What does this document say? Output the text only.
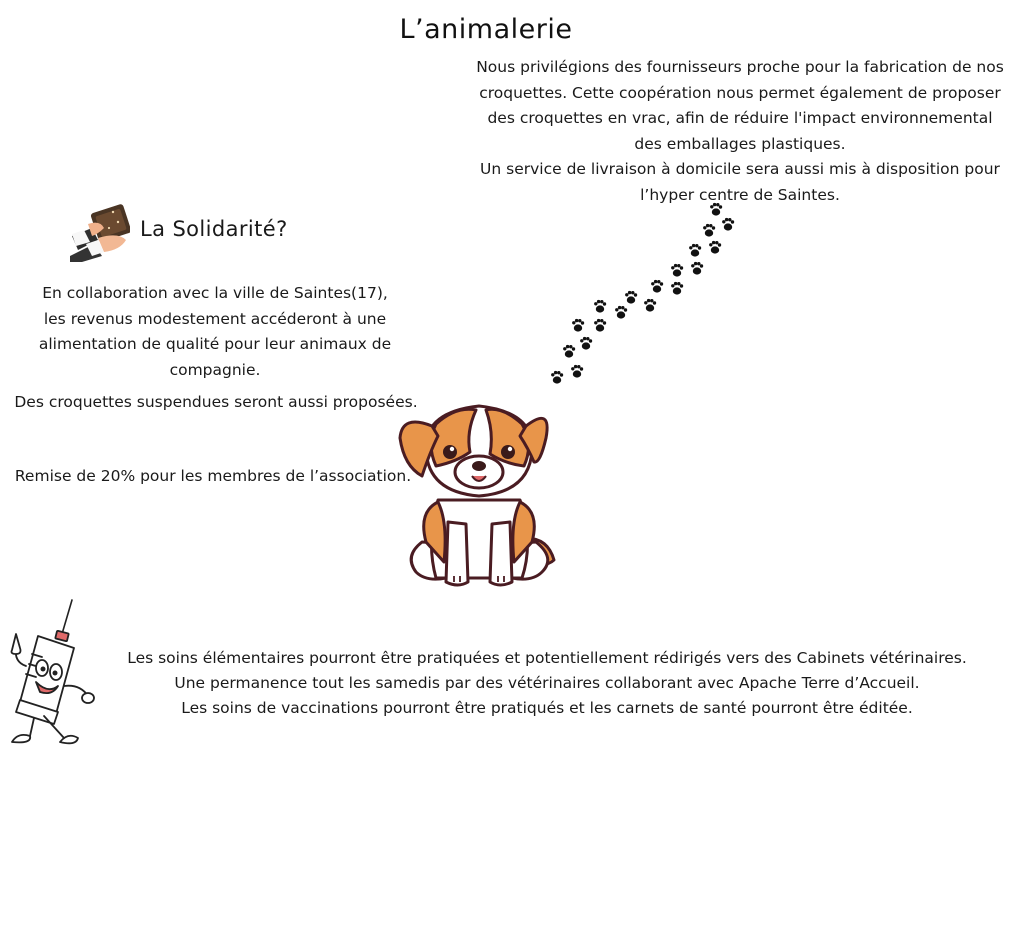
L’animalerie

Nous privilégions des fournisseurs proche pour la fabrication de nos

croquettes. Cette coopération nous permet également de proposer

des croquettes en vrac, afin de réduire l'impact environnemental

des emballages plastiques.

Un service de livraison à domicile sera aussi mis à disposition pour

l’hyper centre de Saintes.

La Solidarité?

En collaboration avec la ville de Saintes(17),

les revenus modestement accéderont à une

alimentation de qualité pour leur animaux de

compagnie.

Des croquettes suspendues seront aussi proposées.
Remise de 20% pour les membres de l’association.

Les soins élémentaires pourront être pratiquées et potentiellement rédirigés vers des Cabinets vétérinaires.

Une permanence tout les samedis par des vétérinaires collaborant avec Apache Terre d’Accueil.

Les soins de vaccinations pourront être pratiqués et les carnets de santé pourront être éditée.
